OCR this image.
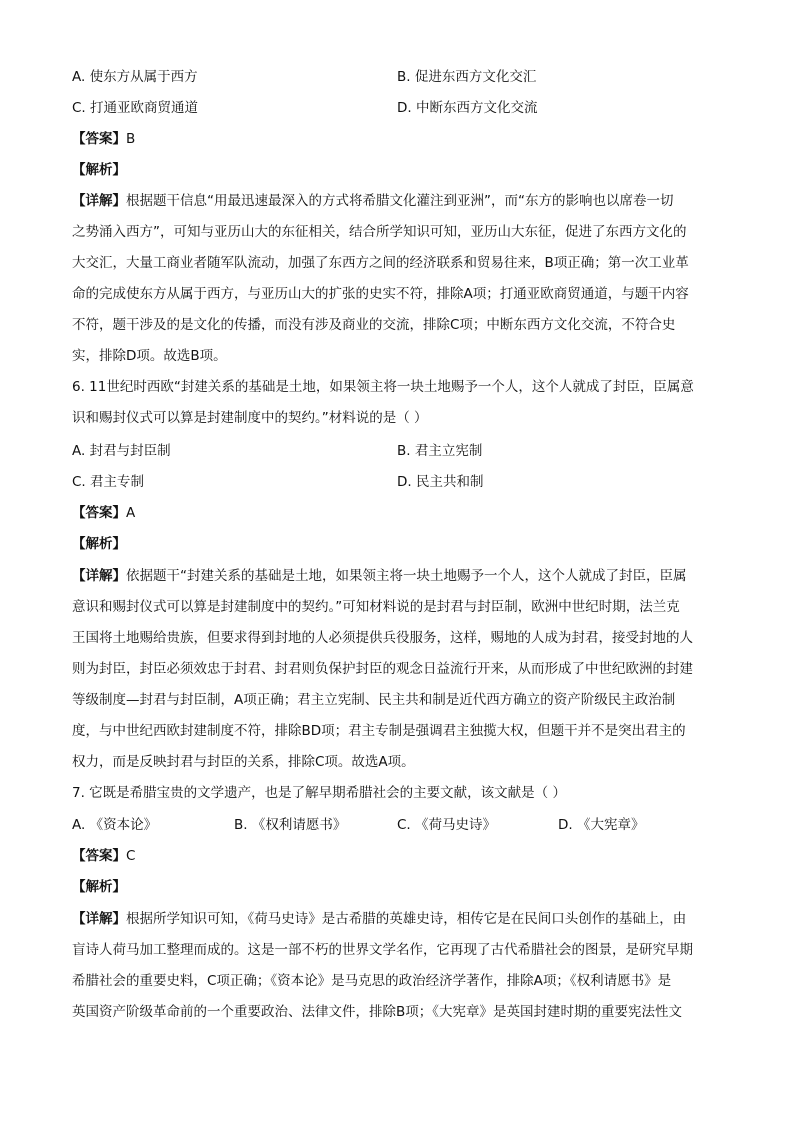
A. 使东方从属于西方	B. 促进东西方文化交汇
C. 打通亚欧商贸通道	D. 中断东西方文化交流
【答案】B
【解析】
【详解】根据题干信息“用最迅速最深入的方式将希腊文化灌注到亚洲”，而“东方的影响也以席卷一切
之势涌入西方”，可知与亚历山大的东征相关，结合所学知识可知，亚历山大东征，促进了东西方文化的
大交汇，大量工商业者随军队流动，加强了东西方之间的经济联系和贸易往来，B项正确；第一次工业革
命的完成使东方从属于西方，与亚历山大的扩张的史实不符，排除A项；打通亚欧商贸通道，与题干内容
不符，题干涉及的是文化的传播，而没有涉及商业的交流，排除C项；中断东西方文化交流，不符合史
实，排除D项。故选B项。
6. 11世纪时西欧“封建关系的基础是土地，如果领主将一块土地赐予一个人，这个人就成了封臣，臣属意
识和赐封仪式可以算是封建制度中的契约。”材料说的是（ ）
A. 封君与封臣制	B. 君主立宪制
C. 君主专制	D. 民主共和制
【答案】A
【解析】
【详解】依据题干“封建关系的基础是土地，如果领主将一块土地赐予一个人，这个人就成了封臣，臣属
意识和赐封仪式可以算是封建制度中的契约。”可知材料说的是封君与封臣制，欧洲中世纪时期，法兰克
王国将土地赐给贵族，但要求得到封地的人必须提供兵役服务，这样，赐地的人成为封君，接受封地的人
则为封臣，封臣必须效忠于封君、封君则负保护封臣的观念日益流行开来，从而形成了中世纪欧洲的封建
等级制度—封君与封臣制，A项正确；君主立宪制、民主共和制是近代西方确立的资产阶级民主政治制
度，与中世纪西欧封建制度不符，排除BD项；君主专制是强调君主独揽大权，但题干并不是突出君主的
权力，而是反映封君与封臣的关系，排除C项。故选A项。
7. 它既是希腊宝贵的文学遗产，也是了解早期希腊社会的主要文献，该文献是（ ）
A. 《资本论》	B. 《权利请愿书》	C. 《荷马史诗》	D. 《大宪章》
【答案】C
【解析】
【详解】根据所学知识可知，《荷马史诗》是古希腊的英雄史诗，相传它是在民间口头创作的基础上，由
盲诗人荷马加工整理而成的。这是一部不朽的世界文学名作，它再现了古代希腊社会的图景，是研究早期
希腊社会的重要史料，C项正确；《资本论》是马克思的政治经济学著作，排除A项；《权利请愿书》是
英国资产阶级革命前的一个重要政治、法律文件，排除B项；《大宪章》是英国封建时期的重要宪法性文
